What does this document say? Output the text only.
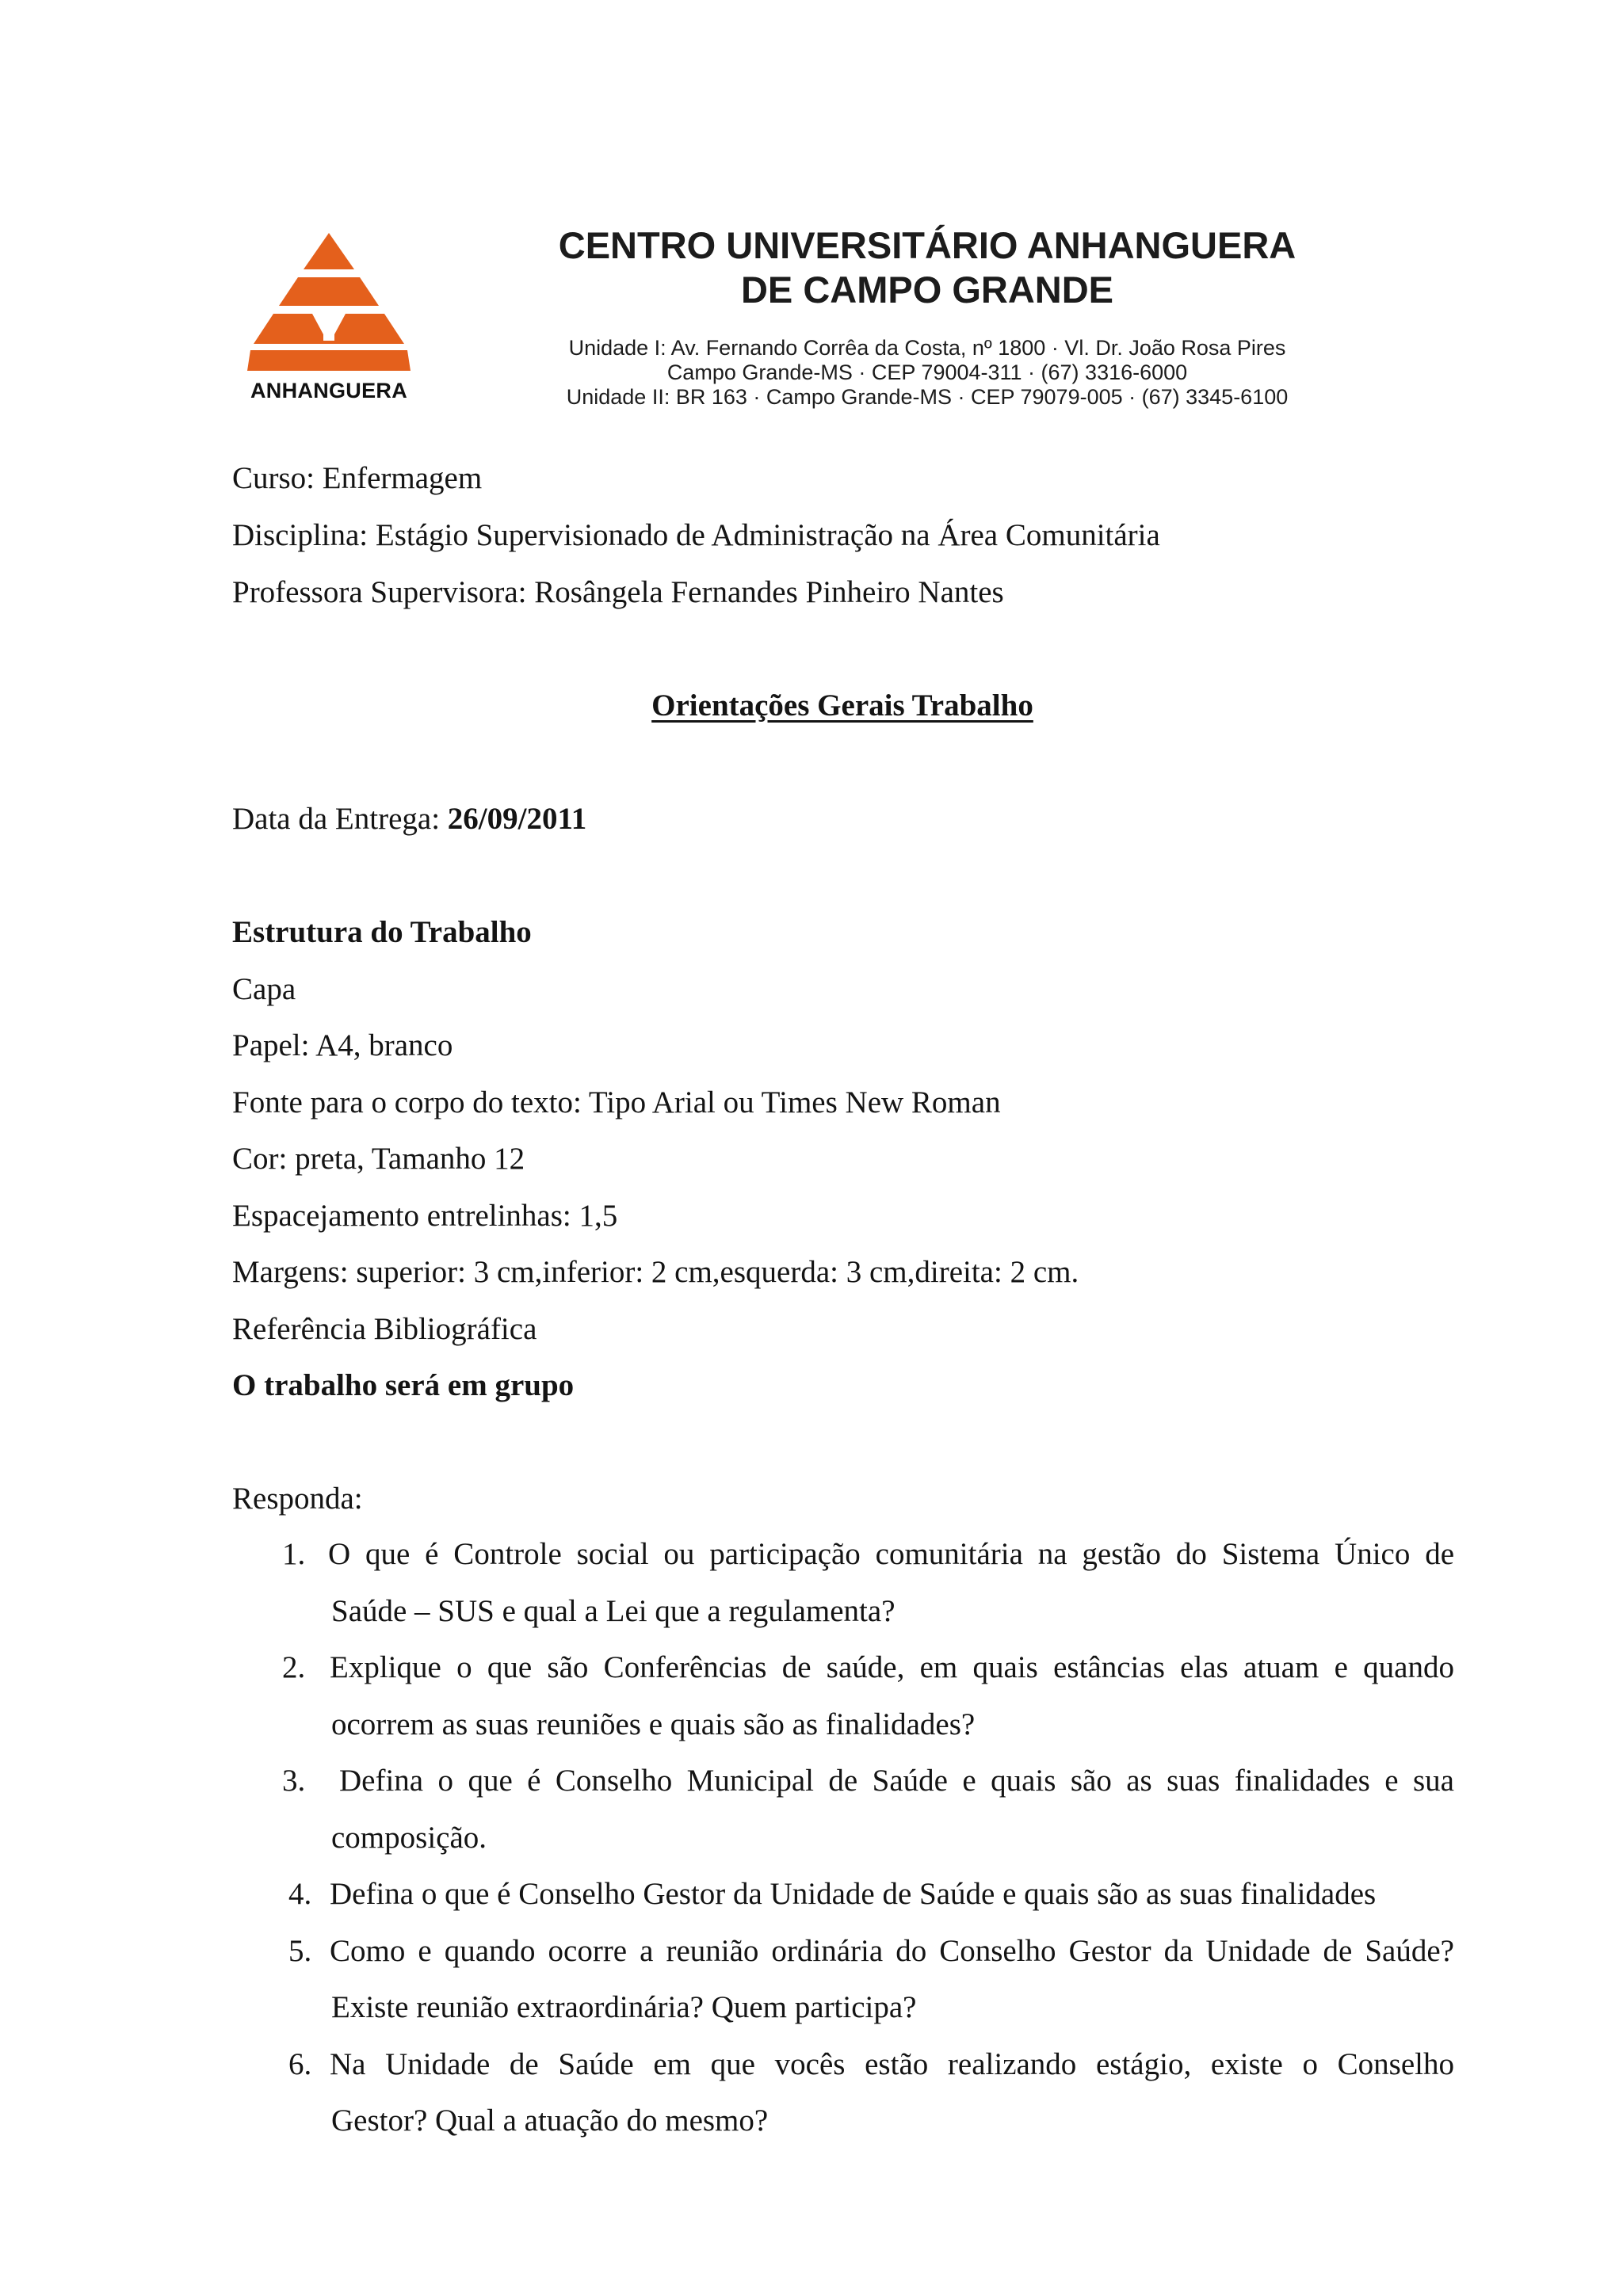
ANHANGUERA
CENTRO UNIVERSITÁRIO ANHANGUERA
DE CAMPO GRANDE
Unidade I: Av. Fernando Corrêa da Costa, nº 1800 · Vl. Dr. João Rosa Pires
Campo Grande-MS · CEP 79004-311 · (67) 3316-6000
Unidade II: BR 163 · Campo Grande-MS · CEP 79079-005 · (67) 3345-6100
Curso: Enfermagem
Disciplina: Estágio Supervisionado de Administração na Área Comunitária
Professora Supervisora: Rosângela Fernandes Pinheiro Nantes
Orientações Gerais Trabalho
Data da Entrega: 26/09/2011
Estrutura do Trabalho
Capa
Papel: A4, branco
Fonte para o corpo do texto: Tipo Arial ou Times New Roman
Cor: preta, Tamanho 12
Espacejamento entrelinhas: 1,5
Margens: superior: 3 cm,inferior: 2 cm,esquerda: 3 cm,direita: 2 cm.
Referência Bibliográfica
O trabalho será em grupo
Responda:
1. O que é Controle social ou participação comunitária na gestão do Sistema Único de
Saúde – SUS e qual a Lei que a regulamenta?
2. Explique o que são Conferências de saúde, em quais estâncias elas atuam e quando
ocorrem as suas reuniões e quais são as finalidades?
3. Defina o que é Conselho Municipal de Saúde e quais são as suas finalidades e sua
composição.
4. Defina o que é Conselho Gestor da Unidade de Saúde e quais são as suas finalidades
5. Como e quando ocorre a reunião ordinária do Conselho Gestor da Unidade de Saúde?
Existe reunião extraordinária? Quem participa?
6. Na Unidade de Saúde em que vocês estão realizando estágio, existe o Conselho
Gestor? Qual a atuação do mesmo?
